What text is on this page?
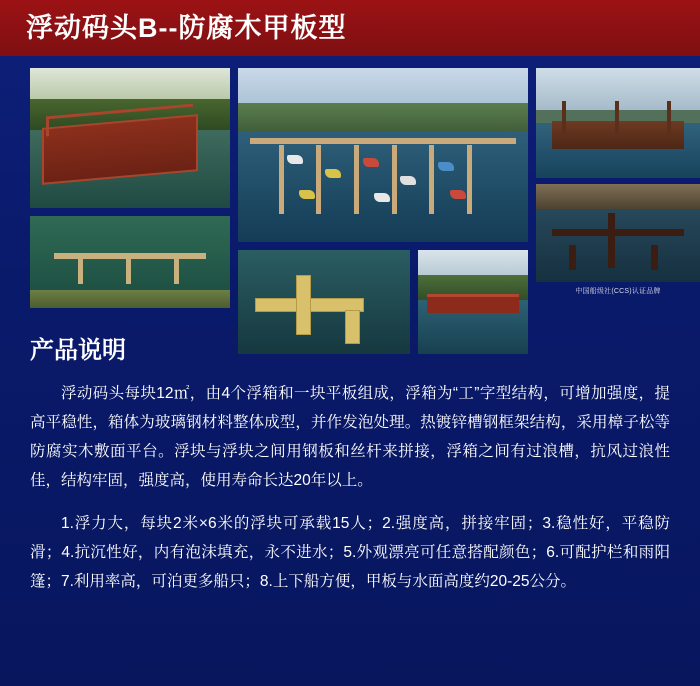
浮动码头B--防腐木甲板型
中国船级社(CCS)认证品牌
产品说明

浮动码头每块12㎡，由4个浮箱和一块平板组成，浮箱为“工”字型结构，可增加强度，提高平稳性，箱体为玻璃钢材料整体成型，并作发泡处理。热镀锌槽钢框架结构，采用樟子松等防腐实木敷面平台。浮块与浮块之间用钢板和丝杆来拼接，浮箱之间有过浪槽，抗风过浪性佳，结构牢固，强度高，使用寿命长达20年以上。

1.浮力大，每块2米×6米的浮块可承载15人；2.强度高，拼接牢固；3.稳性好，平稳防滑；4.抗沉性好，内有泡沫填充，永不进水；5.外观漂亮可任意搭配颜色；6.可配护栏和雨阳篷；7.利用率高，可泊更多船只；8.上下船方便，甲板与水面高度约20-25公分。
